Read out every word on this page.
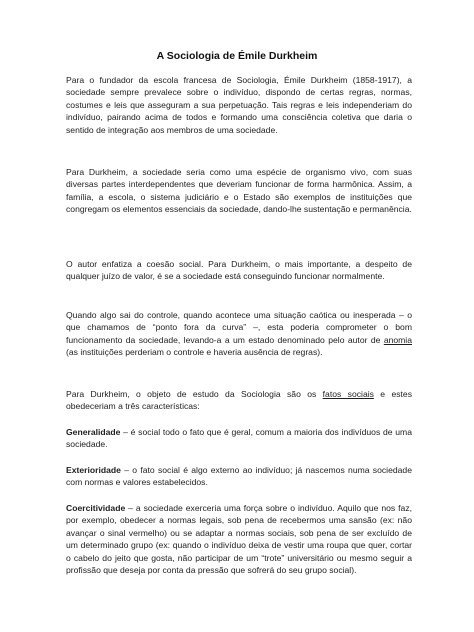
A Sociologia de Émile Durkheim

Para o fundador da escola francesa de Sociologia, Émile Durkheim (1858-1917), a sociedade sempre prevalece sobre o indivíduo, dispondo de certas regras, normas, costumes e leis que asseguram a sua perpetuação. Tais regras e leis independeriam do indivíduo, pairando acima de todos e formando uma consciência coletiva que daria o sentido de integração aos membros de uma sociedade.

Para Durkheim, a sociedade seria como uma espécie de organismo vivo, com suas diversas partes interdependentes que deveriam funcionar de forma harmônica. Assim, a família, a escola, o sistema judiciário e o Estado são exemplos de instituições que congregam os elementos essenciais da sociedade, dando-lhe sustentação e permanência.

O autor enfatiza a coesão social. Para Durkheim, o mais importante, a despeito de qualquer juízo de valor, é se a sociedade está conseguindo funcionar normalmente.

Quando algo sai do controle, quando acontece uma situação caótica ou inesperada – o que chamamos de “ponto fora da curva” –, esta poderia comprometer o bom funcionamento da sociedade, levando-a a um estado denominado pelo autor de anomia (as instituições perderiam o controle e haveria ausência de regras).

Para Durkheim, o objeto de estudo da Sociologia são os fatos sociais e estes obedeceriam a três características:

Generalidade – é social todo o fato que é geral, comum a maioria dos indivíduos de uma sociedade.

Exterioridade – o fato social é algo externo ao indivíduo; já nascemos numa sociedade com normas e valores estabelecidos.

Coercitividade – a sociedade exerceria uma força sobre o indivíduo. Aquilo que nos faz, por exemplo, obedecer a normas legais, sob pena de recebermos uma sansão (ex: não avançar o sinal vermelho) ou se adaptar a normas sociais, sob pena de ser excluído de um determinado grupo (ex: quando o indivíduo deixa de vestir uma roupa que quer, cortar o cabelo do jeito que gosta, não participar de um “trote” universitário ou mesmo seguir a profissão que deseja por conta da pressão que sofrerá do seu grupo social).
